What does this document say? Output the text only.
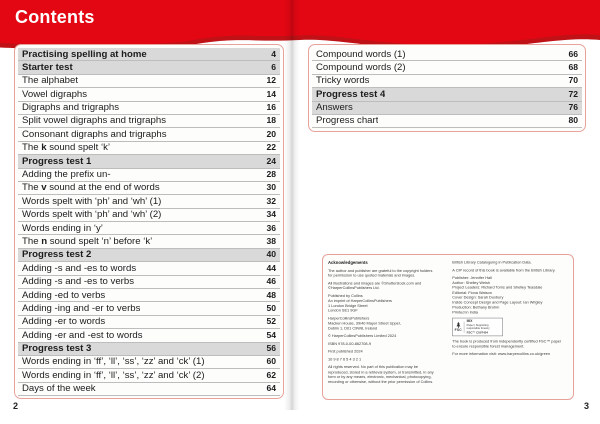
Contents
Practising spelling at home	4
Starter test	6
The alphabet	12
Vowel digraphs	14
Digraphs and trigraphs	16
Split vowel digraphs and trigraphs	18
Consonant digraphs and trigraphs	20
The k sound spelt ‘k’	22
Progress test 1	24
Adding the prefix un-	28
The v sound at the end of words	30
Words spelt with ‘ph’ and ‘wh’ (1)	32
Words spelt with ‘ph’ and ‘wh’ (2)	34
Words ending in ‘y’	36
The n sound spelt ‘n’ before ‘k’	38
Progress test 2	40
Adding -s and -es to words	44
Adding -s and -es to verbs	46
Adding -ed to verbs	48
Adding -ing and -er to verbs	50
Adding -er to words	52
Adding -er and -est to words	54
Progress test 3	56
Words ending in ‘ff’, ‘ll’, ‘ss’, ‘zz’ and ‘ck’ (1)	60
Words ending in ‘ff’, ‘ll’, ‘ss’, ‘zz’ and ‘ck’ (2)	62
Days of the week	64
Compound words (1)	66
Compound words (2)	68
Tricky words	70
Progress test 4	72
Answers	76
Progress chart	80
Acknowledgements

The author and publisher are grateful to the copyright holders
for permission to use quoted materials and images.

All illustrations and images are ©Shutterstock.com and
©HarperCollinsPublishers Ltd.

Published by Collins
An imprint of HarperCollinsPublishers
1 London Bridge Street
London SE1 9GF

HarperCollinsPublishers
Macken House, 39/40 Mayor Street Upper,
Dublin 1, D01 C9W8, Ireland

© HarperCollinsPublishers Limited 2024

ISBN 978-0-00-862708-9

First published 2024

10 9 8 7 6 5 4 3 2 1

All rights reserved. No part of this publication may be
reproduced, stored in a retrieval system, or transmitted, in any
form or by any means, electronic, mechanical, photocopying,
recording or otherwise, without the prior permission of Collins.

British Library Cataloguing in Publication Data.

A CIP record of this book is available from the British Library.

Publisher: Jennifer Hall
Author: Shelley Welsh
Project Leaders: Richard Toms and Shelley Teasdale
Editorial: Fiona Watson
Cover Design: Sarah Duxbury
Inside Concept Design and Page Layout: Ian Wrigley
Production: Bethany Brohm
Printed in India

FSC
MIX
Paper | Supporting responsible forestry
FSC™ C007454

The book is produced from independently certified FSC™ paper
to ensure responsible forest management.

For more information visit: www.harpercollins.co.uk/green

2	3
